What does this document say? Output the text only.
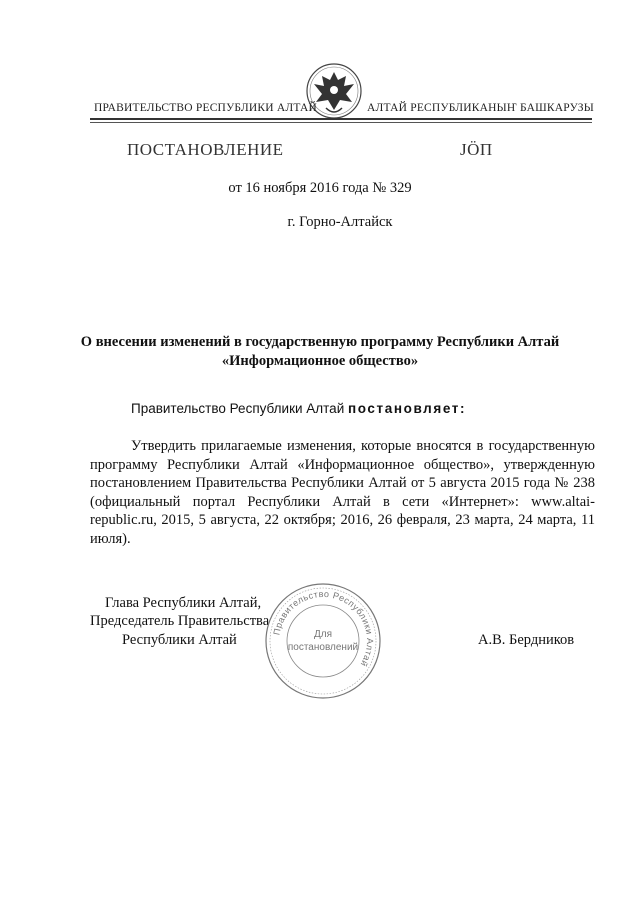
ПРАВИТЕЛЬСТВО РЕСПУБЛИКИ АЛТАЙ	АЛТАЙ РЕСПУБЛИКАНЫҤ БАШКАРУЗЫ
ПОСТАНОВЛЕНИЕ	ЈÖП
от 16 ноября 2016 года № 329
г. Горно-Алтайск
О внесении изменений в государственную программу Республики Алтай
«Информационное общество»
Правительство Республики Алтай постановляет:
Утвердить прилагаемые изменения, которые вносятся в государственную программу Республики Алтай «Информационное общество», утвержденную постановлением Правительства Республики Алтай от 5 августа 2015 года № 238 (официальный портал Республики Алтай в сети «Интернет»: www.altai-republic.ru, 2015, 5 августа, 22 октября; 2016, 26 февраля, 23 марта, 24 марта, 11 июля).
Глава Республики Алтай,
Председатель Правительства
Республики Алтай	А.В. Бердников
Правительство Республики Алтай
Для
постановлений
